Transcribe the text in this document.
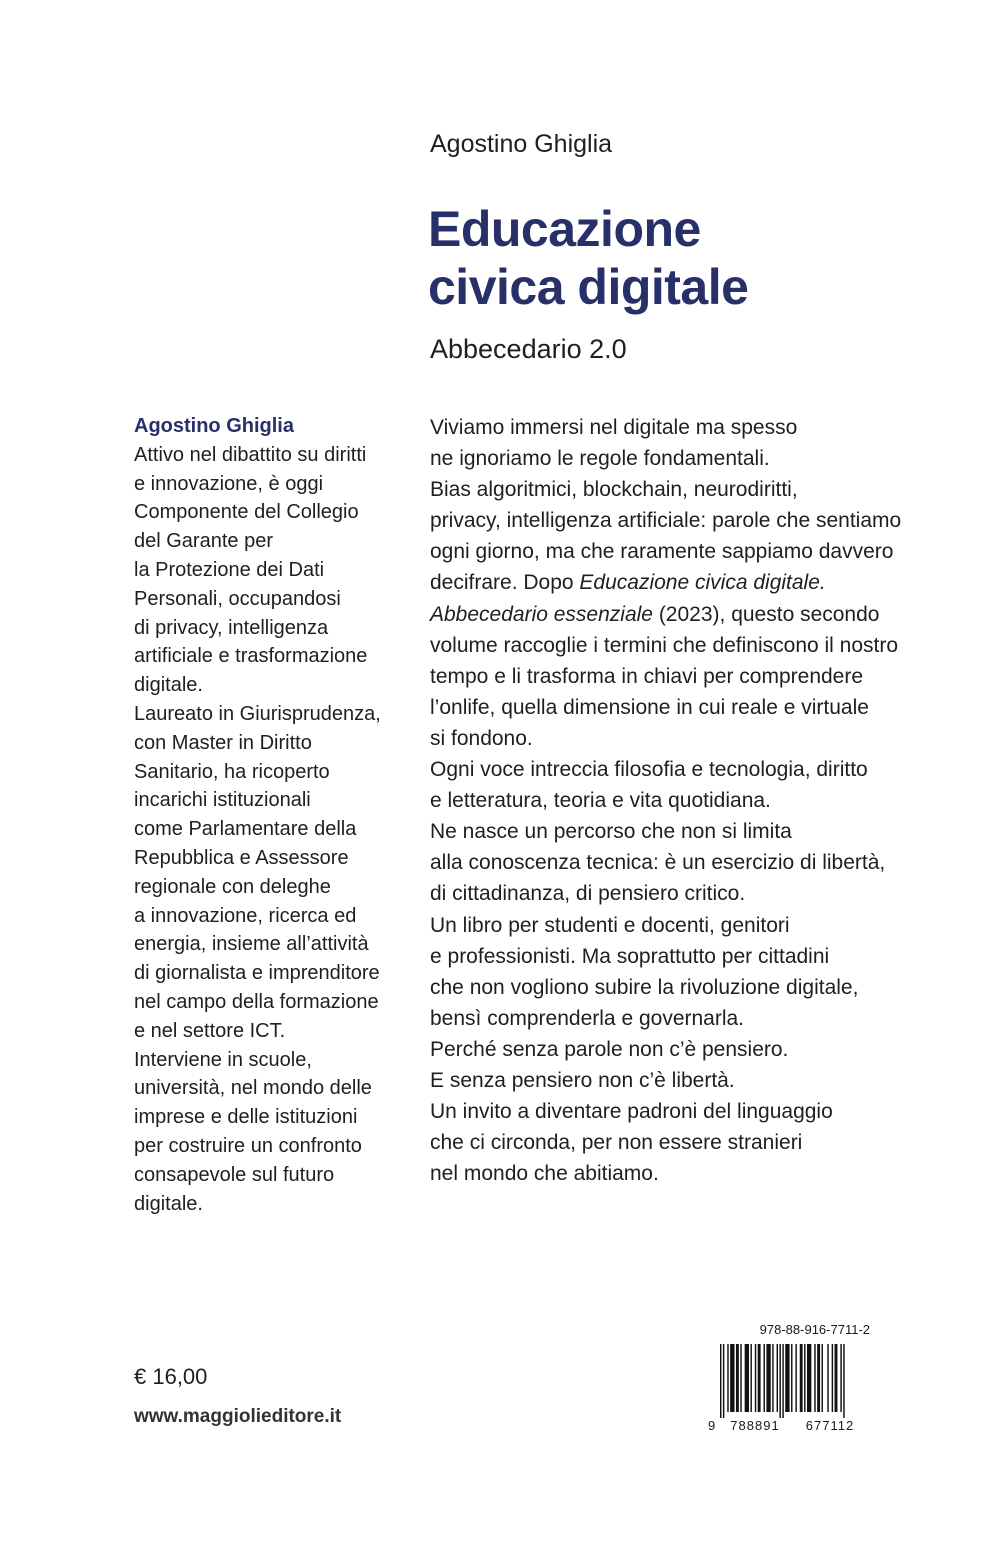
Agostino Ghiglia
Educazione
civica digitale
Abbecedario 2.0
Agostino Ghiglia
Attivo nel dibattito su diritti
e innovazione, è oggi
Componente del Collegio
del Garante per
la Protezione dei Dati
Personali, occupandosi
di privacy, intelligenza
artificiale e trasformazione
digitale.
Laureato in Giurisprudenza,
con Master in Diritto
Sanitario, ha ricoperto
incarichi istituzionali
come Parlamentare della
Repubblica e Assessore
regionale con deleghe
a innovazione, ricerca ed
energia, insieme all’attività
di giornalista e imprenditore
nel campo della formazione
e nel settore ICT.
Interviene in scuole,
università, nel mondo delle
imprese e delle istituzioni
per costruire un confronto
consapevole sul futuro
digitale.
Viviamo immersi nel digitale ma spesso
ne ignoriamo le regole fondamentali.
Bias algoritmici, blockchain, neurodiritti,
privacy, intelligenza artificiale: parole che sentiamo
ogni giorno, ma che raramente sappiamo davvero
decifrare. Dopo Educazione civica digitale.
Abbecedario essenziale (2023), questo secondo
volume raccoglie i termini che definiscono il nostro
tempo e li trasforma in chiavi per comprendere
l’onlife, quella dimensione in cui reale e virtuale
si fondono.
Ogni voce intreccia filosofia e tecnologia, diritto
e letteratura, teoria e vita quotidiana.
Ne nasce un percorso che non si limita
alla conoscenza tecnica: è un esercizio di libertà,
di cittadinanza, di pensiero critico.
Un libro per studenti e docenti, genitori
e professionisti. Ma soprattutto per cittadini
che non vogliono subire la rivoluzione digitale,
bensì comprenderla e governarla.
Perché senza parole non c’è pensiero.
E senza pensiero non c’è libertà.
Un invito a diventare padroni del linguaggio
che ci circonda, per non essere stranieri
nel mondo che abitiamo.
€ 16,00
www.maggiolieditore.it
978-88-916-7711-2
9 788891 677112
